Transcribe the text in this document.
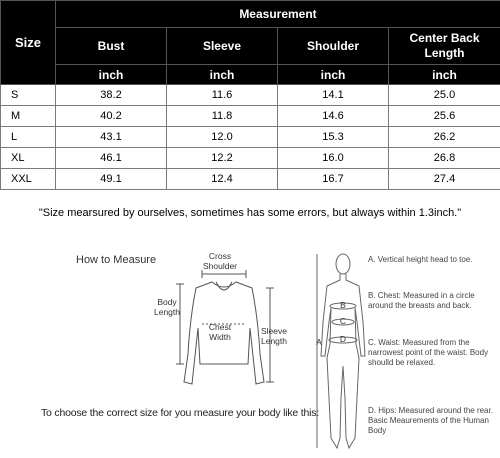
Size	Measurement			
	Bust	Sleeve	Shoulder	Center Back Length
	inch	inch	inch	inch
S	38.2	11.6	14.1	25.0
M	40.2	11.8	14.6	25.6
L	43.1	12.0	15.3	26.2
XL	46.1	12.2	16.0	26.8
XXL	49.1	12.4	16.7	27.4
"Size mearsured by ourselves, sometimes has some errors, but always within 1.3inch."
How to Measure	Cross Shoulder
Body Length
Chest Width
Sleeve Length
To choose the correct size for you measure your body like this:
A
B
C
D
A. Vertical height head to toe.
B. Chest: Measured in a circle around the breasts and back.
C. Waist: Measured from the narrowest point of the waist. Body shoulld be relaxed.
D. Hips: Measured around the rear. Basic Meaurements of the Human Body
